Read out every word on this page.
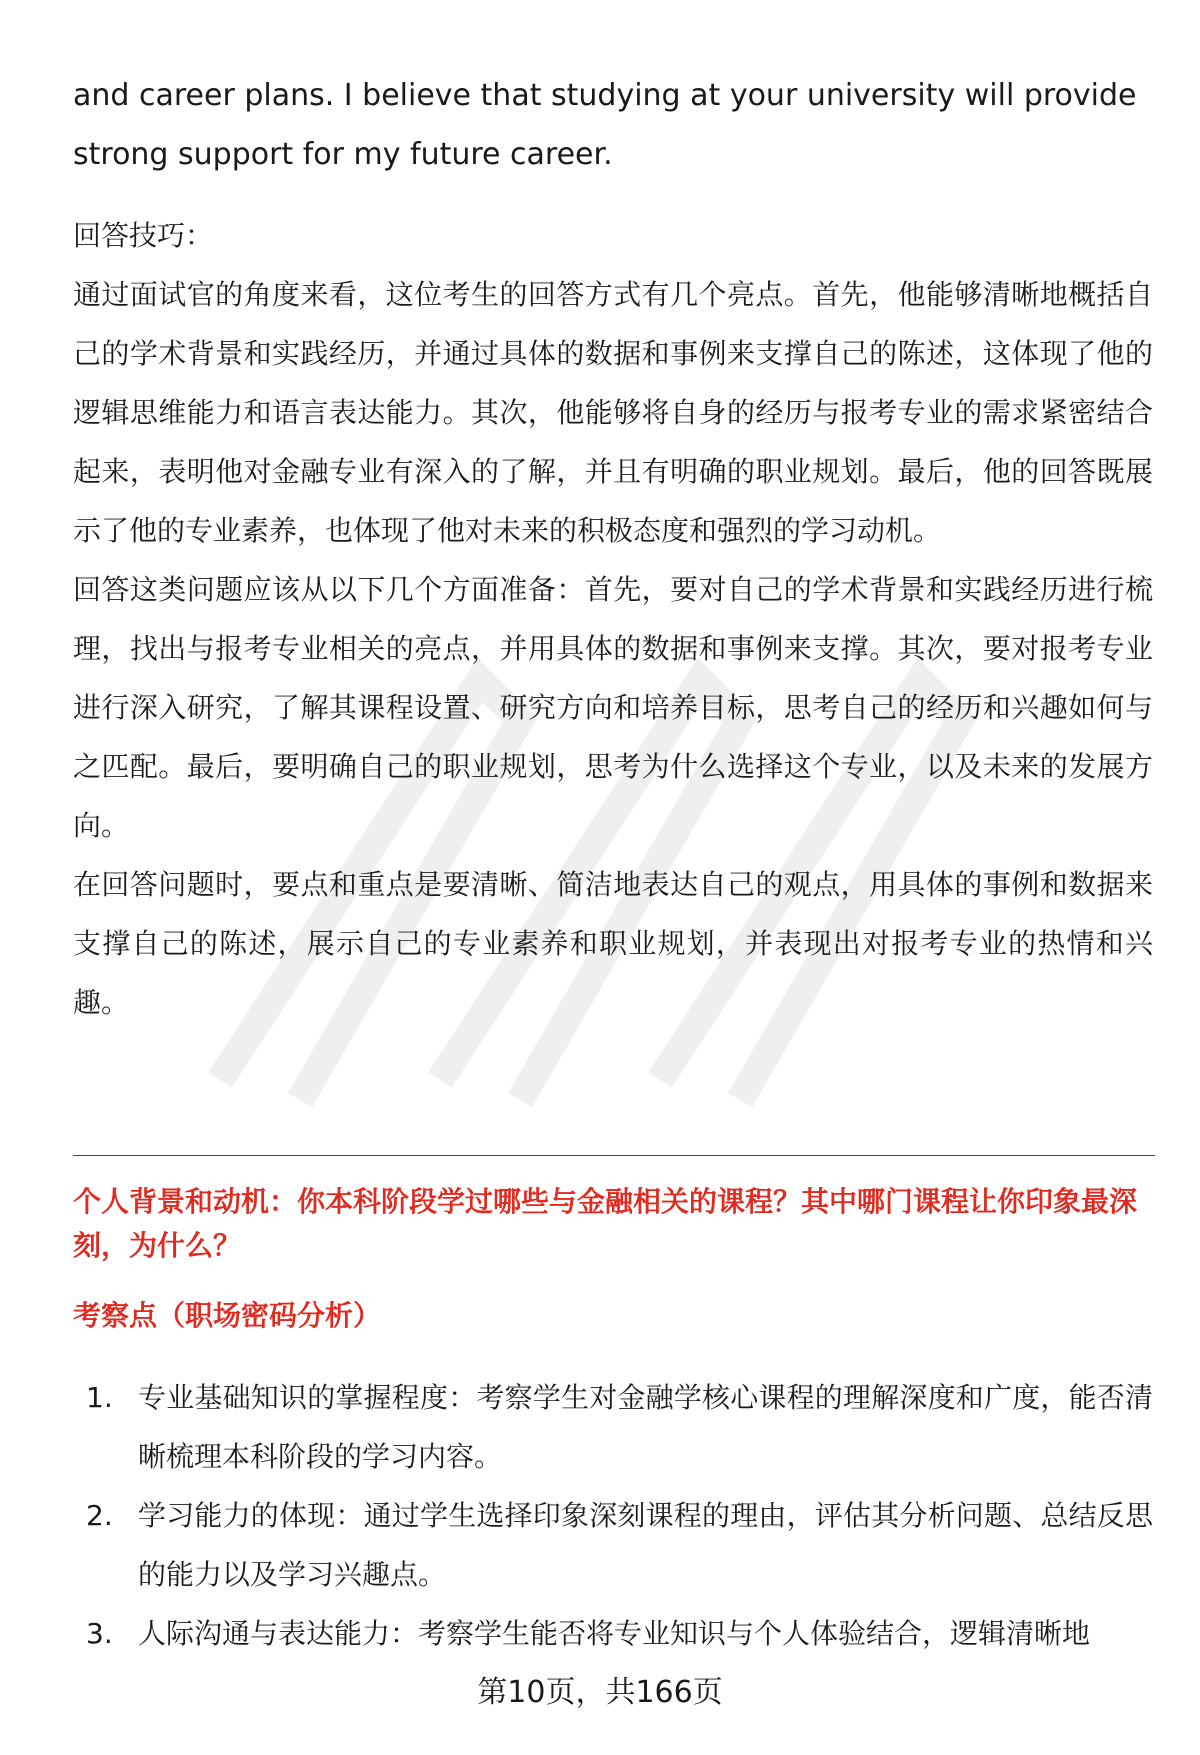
and career plans. I believe that studying at your university will provide

strong support for my future career.

回答技巧：

通过面试官的角度来看，这位考生的回答方式有几个亮点。首先，他能够清晰地概括自己的学术背景和实践经历，并通过具体的数据和事例来支撑自己的陈述，这体现了他的逻辑思维能力和语言表达能力。其次，他能够将自身的经历与报考专业的需求紧密结合起来，表明他对金融专业有深入的了解，并且有明确的职业规划。最后，他的回答既展示了他的专业素养，也体现了他对未来的积极态度和强烈的学习动机。

回答这类问题应该从以下几个方面准备：首先，要对自己的学术背景和实践经历进行梳理，找出与报考专业相关的亮点，并用具体的数据和事例来支撑。其次，要对报考专业进行深入研究，了解其课程设置、研究方向和培养目标，思考自己的经历和兴趣如何与之匹配。最后，要明确自己的职业规划，思考为什么选择这个专业，以及未来的发展方向。

在回答问题时，要点和重点是要清晰、简洁地表达自己的观点，用具体的事例和数据来支撑自己的陈述，展示自己的专业素养和职业规划，并表现出对报考专业的热情和兴趣。

个人背景和动机：你本科阶段学过哪些与金融相关的课程？其中哪门课程让你印象最深刻，为什么？

考察点（职场密码分析）

1. 专业基础知识的掌握程度：考察学生对金融学核心课程的理解深度和广度，能否清晰梳理本科阶段的学习内容。
2. 学习能力的体现：通过学生选择印象深刻课程的理由，评估其分析问题、总结反思的能力以及学习兴趣点。
3. 人际沟通与表达能力：考察学生能否将专业知识与个人体验结合，逻辑清晰地
第10页，共166页
